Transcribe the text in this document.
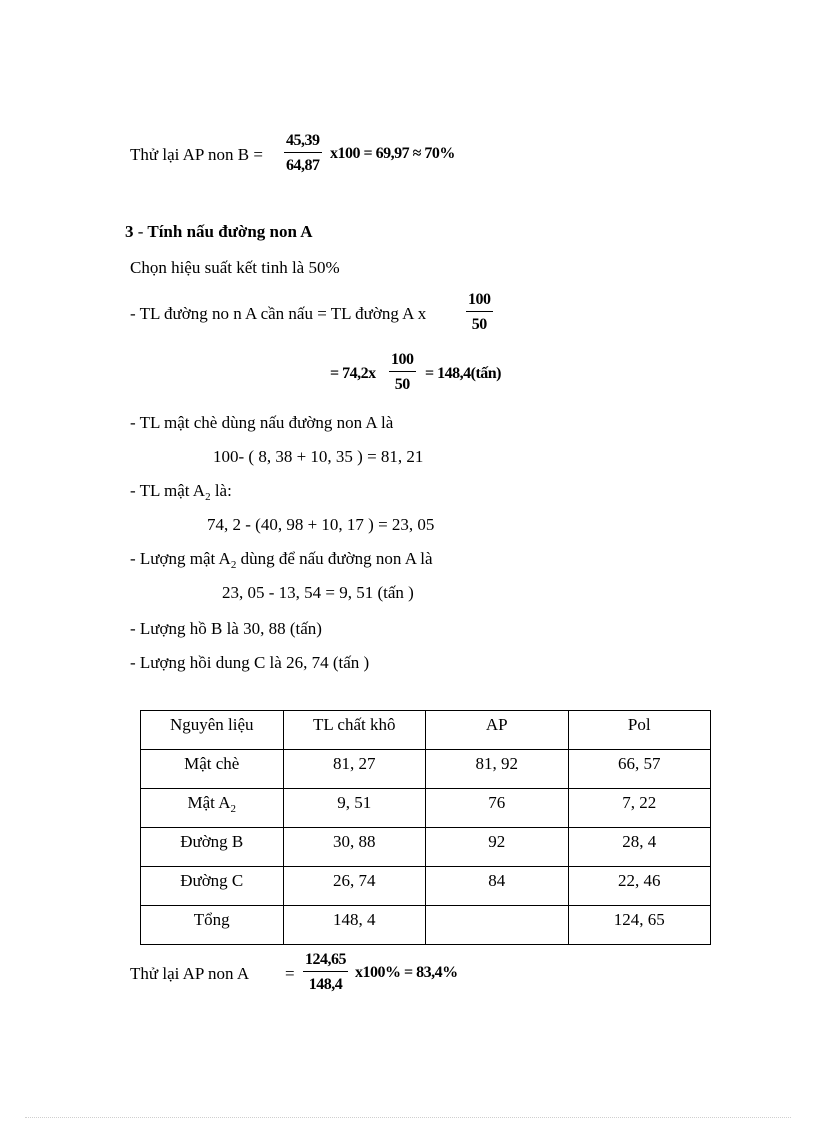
Thử lại AP non $B = \frac{45,39}{64,87} x100 = 69,97 \approx 70\%$
3 - Tính nấu đường non A
Chọn hiệu suất kết tinh là 50%
- TL đường no n A cần nấu = TL đường A x $\frac{100}{50}$
= $74,2x \frac{100}{50}$ = 148,4(tấn)
- TL mật chè dùng nấu đường non A là
100- ( 8, 38 + 10, 35 ) = 81, 21
- TL mật $A_2$ là:
74, 2 - (40, 98 + 10, 17 ) = 23, 05
- Lượng mật $A_2$ dùng để nấu đường non A là
23, 05 - 13, 54 = 9, 51 (tấn )
- Lượng hồ B là 30, 88 (tấn)
- Lượng hồi dung C là 26, 74 (tấn )
Nguyên liệu	TL chất khô	AP	Pol
Mật chè	81, 27	81, 92	66, 57
Mật $A_2$	9, 51	76	7, 22
Đường B	30, 88	92	28, 4
Đường C	26, 74	84	22, 46
Tổng	148, 4		124, 65
Thử lại AP non $A = \frac{124,65}{148,4} x100\% = 83,4\%$
